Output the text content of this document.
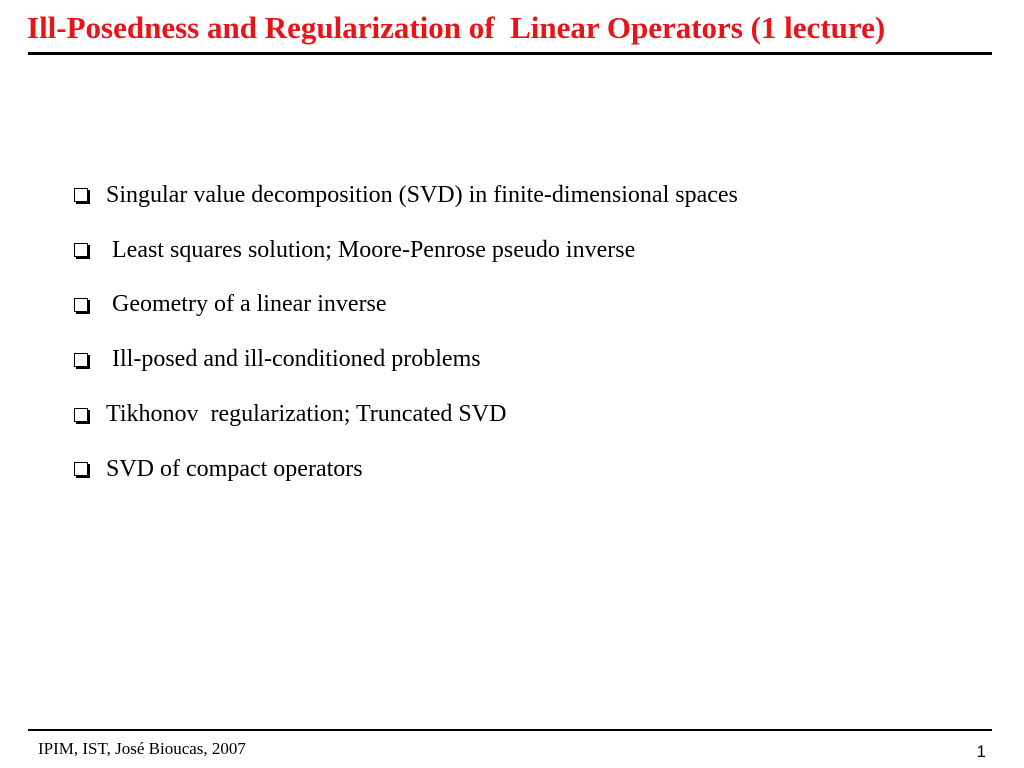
Ill-Posedness and Regularization of  Linear Operators (1 lecture)
Singular value decomposition (SVD) in finite-dimensional spaces
Least squares solution; Moore-Penrose pseudo inverse
Geometry of a linear inverse
Ill-posed and ill-conditioned problems
Tikhonov  regularization; Truncated SVD
SVD of compact operators
IPIM, IST, José Bioucas, 2007	1
